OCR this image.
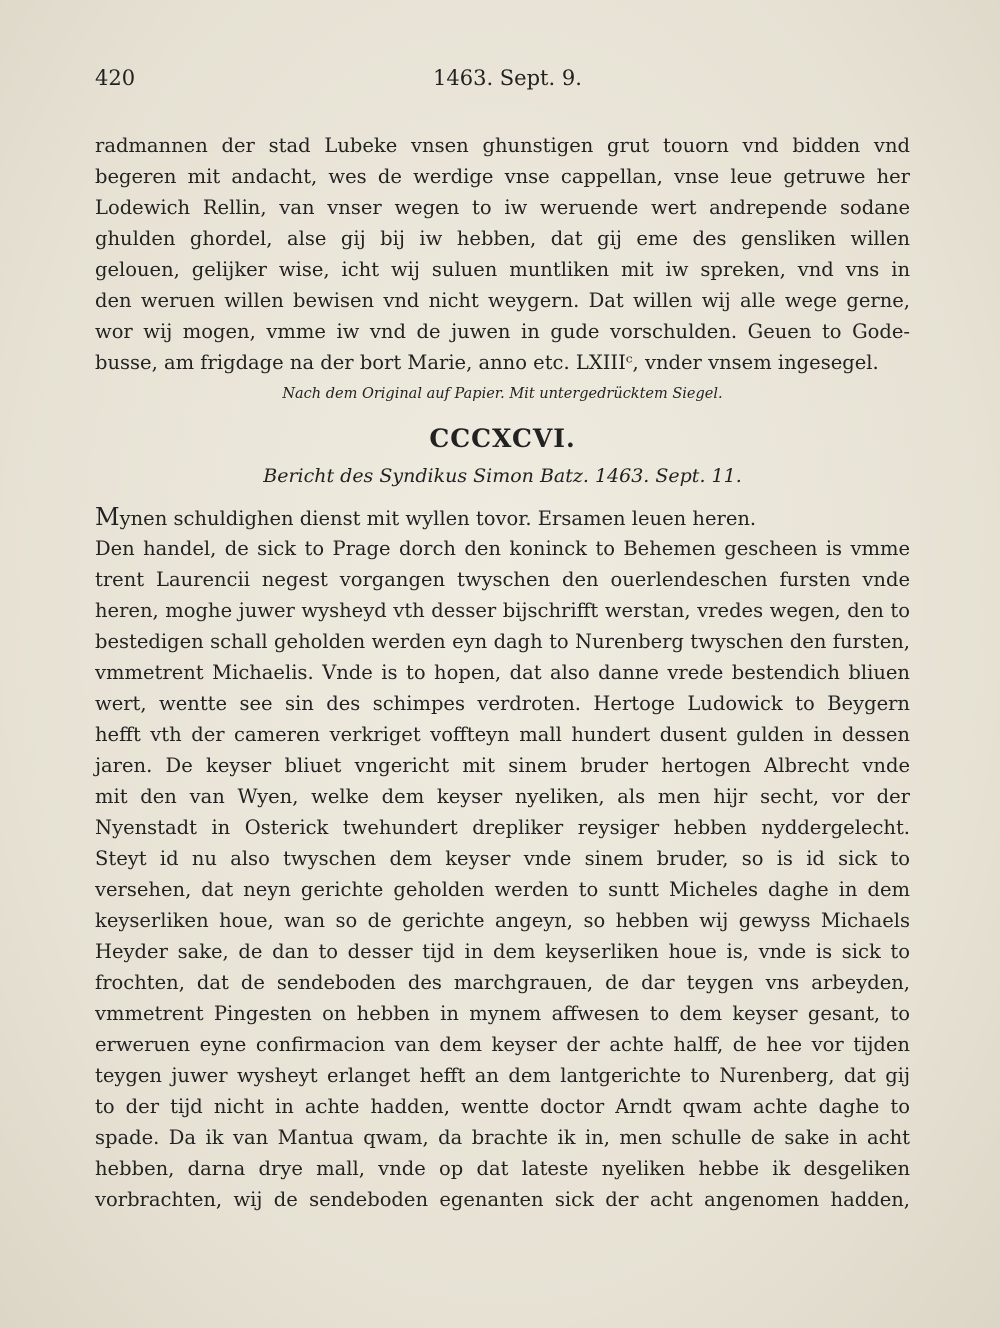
420	1463. Sept. 9.
radmannen der stad Lubeke vnsen ghunstigen grut touorn vnd bidden vnd
begeren mit andacht, wes de werdige vnse cappellan, vnse leue getruwe her
Lodewich Rellin, van vnser wegen to iw weruende wert andrepende sodane
ghulden ghordel, alse gij bij iw hebben, dat gij eme des gensliken willen
gelouen, gelijker wise, icht wij suluen muntliken mit iw spreken, vnd vns in
den weruen willen bewisen vnd nicht weygern. Dat willen wij alle wege gerne,
wor wij mogen, vmme iw vnd de juwen in gude vorschulden. Geuen to Gode-
busse, am frigdage na der bort Marie, anno etc. LXIIIᶜ, vnder vnsem ingesegel.
Nach dem Original auf Papier. Mit untergedrücktem Siegel.
CCCXCVI.
Bericht des Syndikus Simon Batz. 1463. Sept. 11.
Mynen schuldighen dienst mit wyllen tovor. Ersamen leuen heren.
Den handel, de sick to Prage dorch den koninck to Behemen gescheen is vmme
trent Laurencii negest vorgangen twyschen den ouerlendeschen fursten vnde
heren, moghe juwer wysheyd vth desser bijschrifft werstan, vredes wegen, den to
bestedigen schall geholden werden eyn dagh to Nurenberg twyschen den fursten,
vmmetrent Michaelis. Vnde is to hopen, dat also danne vrede bestendich bliuen
wert, wentte see sin des schimpes verdroten. Hertoge Ludowick to Beygern
hefft vth der cameren verkriget voffteyn mall hundert dusent gulden in dessen
jaren. De keyser bliuet vngericht mit sinem bruder hertogen Albrecht vnde
mit den van Wyen, welke dem keyser nyeliken, als men hijr secht, vor der
Nyenstadt in Osterick twehundert drepliker reysiger hebben nyddergelecht.
Steyt id nu also twyschen dem keyser vnde sinem bruder, so is id sick to
versehen, dat neyn gerichte geholden werden to suntt Micheles daghe in dem
keyserliken houe, wan so de gerichte angeyn, so hebben wij gewyss Michaels
Heyder sake, de dan to desser tijd in dem keyserliken houe is, vnde is sick to
frochten, dat de sendeboden des marchgrauen, de dar teygen vns arbeyden,
vmmetrent Pingesten on hebben in mynem affwesen to dem keyser gesant, to
erweruen eyne confirmacion van dem keyser der achte halff, de hee vor tijden
teygen juwer wysheyt erlanget hefft an dem lantgerichte to Nurenberg, dat gij
to der tijd nicht in achte hadden, wentte doctor Arndt qwam achte daghe to
spade. Da ik van Mantua qwam, da brachte ik in, men schulle de sake in acht
hebben, darna drye mall, vnde op dat lateste nyeliken hebbe ik desgeliken
vorbrachten, wij de sendeboden egenanten sick der acht angenomen hadden,
